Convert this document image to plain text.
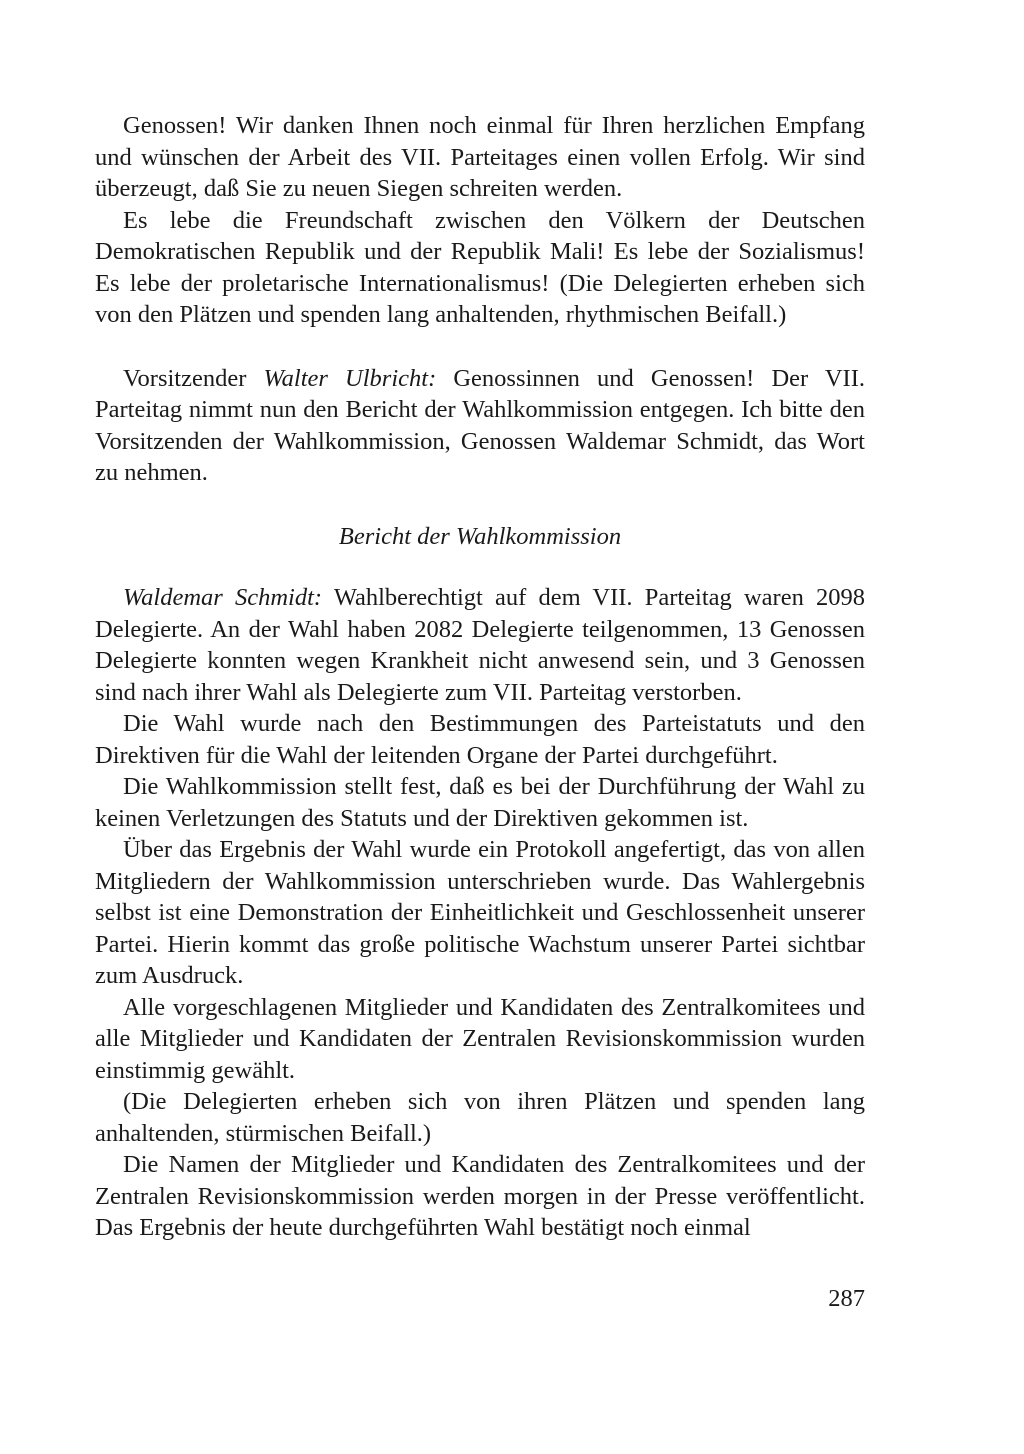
Genossen! Wir danken Ihnen noch einmal für Ihren herzlichen Empfang und wünschen der Arbeit des VII. Parteitages einen vollen Erfolg. Wir sind überzeugt, daß Sie zu neuen Siegen schreiten werden.

Es lebe die Freundschaft zwischen den Völkern der Deutschen Demokratischen Republik und der Republik Mali! Es lebe der Sozialismus! Es lebe der proletarische Internationalismus! (Die Delegierten erheben sich von den Plätzen und spenden lang anhaltenden, rhythmischen Beifall.)

Vorsitzender Walter Ulbricht: Genossinnen und Genossen! Der VII. Parteitag nimmt nun den Bericht der Wahlkommission entgegen. Ich bitte den Vorsitzenden der Wahlkommission, Genossen Waldemar Schmidt, das Wort zu nehmen.

Bericht der Wahlkommission

Waldemar Schmidt: Wahlberechtigt auf dem VII. Parteitag waren 2098 Delegierte. An der Wahl haben 2082 Delegierte teilgenommen, 13 Genossen Delegierte konnten wegen Krankheit nicht anwesend sein, und 3 Genossen sind nach ihrer Wahl als Delegierte zum VII. Parteitag verstorben.

Die Wahl wurde nach den Bestimmungen des Parteistatuts und den Direktiven für die Wahl der leitenden Organe der Partei durchgeführt.

Die Wahlkommission stellt fest, daß es bei der Durchführung der Wahl zu keinen Verletzungen des Statuts und der Direktiven gekommen ist.

Über das Ergebnis der Wahl wurde ein Protokoll angefertigt, das von allen Mitgliedern der Wahlkommission unterschrieben wurde. Das Wahlergebnis selbst ist eine Demonstration der Einheitlichkeit und Geschlossenheit unserer Partei. Hierin kommt das große politische Wachstum unserer Partei sichtbar zum Ausdruck.

Alle vorgeschlagenen Mitglieder und Kandidaten des Zentralkomitees und alle Mitglieder und Kandidaten der Zentralen Revisionskommission wurden einstimmig gewählt.

(Die Delegierten erheben sich von ihren Plätzen und spenden lang anhaltenden, stürmischen Beifall.)

Die Namen der Mitglieder und Kandidaten des Zentralkomitees und der Zentralen Revisionskommission werden morgen in der Presse veröffentlicht. Das Ergebnis der heute durchgeführten Wahl bestätigt noch einmal

287
